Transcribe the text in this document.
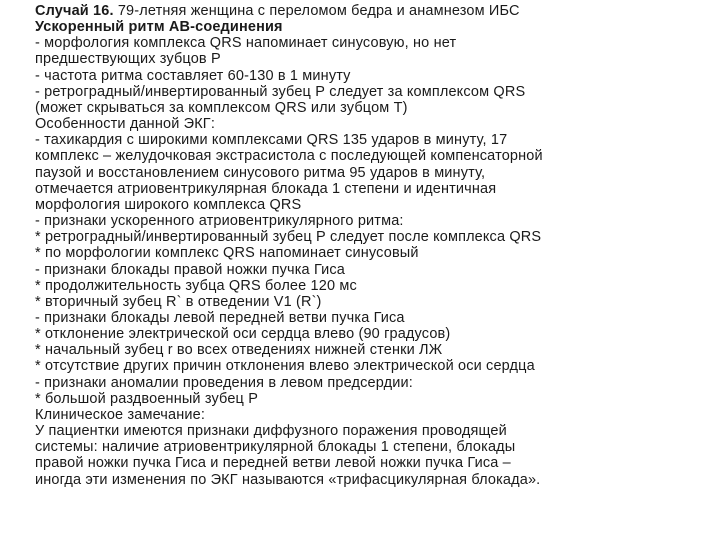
Случай 16. 79-летняя женщина с переломом бедра и анамнезом ИБС
Ускоренный ритм АВ-соединения
- морфология комплекса QRS напоминает синусовую, но нет
предшествующих зубцов Р
- частота ритма составляет 60-130 в 1 минуту
- ретроградный/инвертированный зубец Р следует за комплексом QRS
(может скрываться за комплексом QRS или зубцом Т)
Особенности данной ЭКГ:
- тахикардия с широкими комплексами QRS 135 ударов в минуту, 17
комплекс – желудочковая экстрасистола с последующей компенсаторной
паузой и восстановлением синусового ритма 95 ударов в минуту,
отмечается атриовентрикулярная блокада 1 степени и идентичная
морфология широкого комплекса QRS
- признаки ускоренного атриовентрикулярного ритма:
* ретроградный/инвертированный зубец Р следует после комплекса QRS
* по морфологии комплекс QRS напоминает синусовый
- признаки блокады правой ножки пучка Гиса
* продолжительность зубца QRS более 120 мс
* вторичный зубец R` в отведении V1 (R`)
- признаки блокады левой передней ветви пучка Гиса
* отклонение электрической оси сердца влево (90 градусов)
* начальный зубец r во всех отведениях нижней стенки ЛЖ
* отсутствие других причин отклонения влево электрической оси сердца
- признаки аномалии проведения в левом предсердии:
* большой раздвоенный зубец Р
Клиническое замечание:
У пациентки имеются признаки диффузного поражения проводящей
системы: наличие атриовентрикулярной блокады 1 степени, блокады
правой ножки пучка Гиса и передней ветви левой ножки пучка Гиса –
иногда эти изменения по ЭКГ называются «трифасцикулярная блокада».
